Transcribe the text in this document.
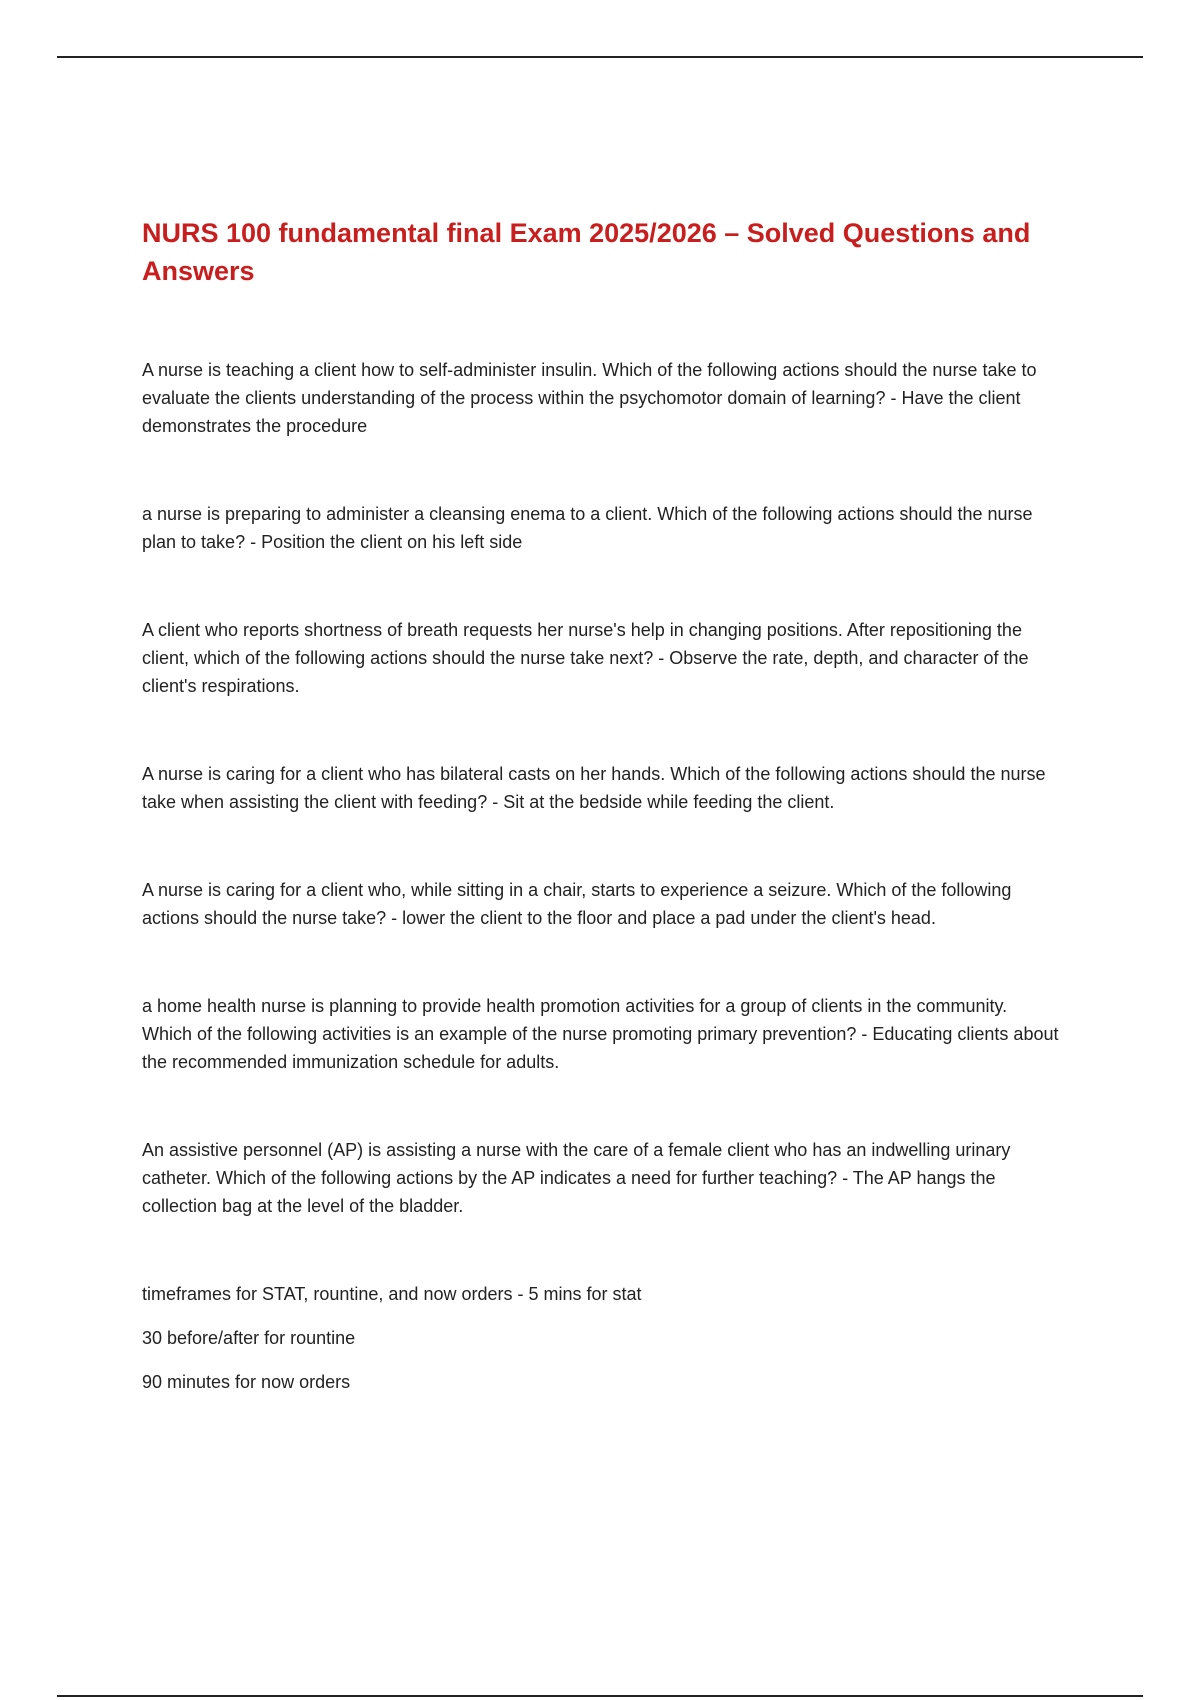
NURS 100 fundamental final Exam 2025/2026 – Solved Questions and Answers

A nurse is teaching a client how to self-administer insulin. Which of the following actions should the nurse take to evaluate the clients understanding of the process within the psychomotor domain of learning? - Have the client demonstrates the procedure

a nurse is preparing to administer a cleansing enema to a client. Which of the following actions should the nurse plan to take? - Position the client on his left side

A client who reports shortness of breath requests her nurse's help in changing positions. After repositioning the client, which of the following actions should the nurse take next? - Observe the rate, depth, and character of the client's respirations.

A nurse is caring for a client who has bilateral casts on her hands. Which of the following actions should the nurse take when assisting the client with feeding? - Sit at the bedside while feeding the client.

A nurse is caring for a client who, while sitting in a chair, starts to experience a seizure. Which of the following actions should the nurse take? - lower the client to the floor and place a pad under the client's head.

a home health nurse is planning to provide health promotion activities for a group of clients in the community. Which of the following activities is an example of the nurse promoting primary prevention? - Educating clients about the recommended immunization schedule for adults.

An assistive personnel (AP) is assisting a nurse with the care of a female client who has an indwelling urinary catheter. Which of the following actions by the AP indicates a need for further teaching? - The AP hangs the collection bag at the level of the bladder.

timeframes for STAT, rountine, and now orders - 5 mins for stat

30 before/after for rountine

90 minutes for now orders
